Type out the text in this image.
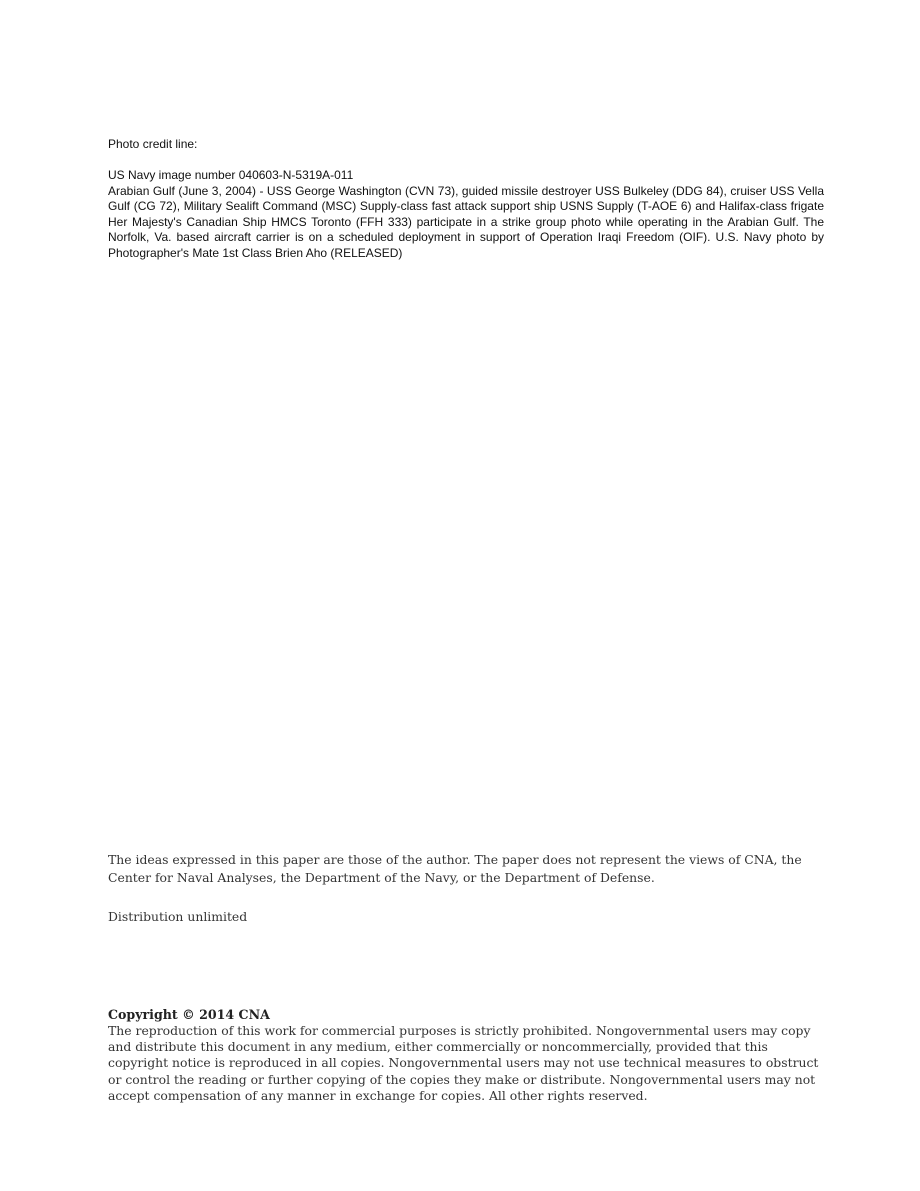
Photo credit line:

US Navy image number 040603-N-5319A-011

Arabian Gulf (June 3, 2004) - USS George Washington (CVN 73), guided missile destroyer USS Bulkeley (DDG 84), cruiser USS Vella Gulf (CG 72), Military Sealift Command (MSC) Supply-class fast attack support ship USNS Supply (T-AOE 6) and Halifax-class frigate Her Majesty's Canadian Ship HMCS Toronto (FFH 333) participate in a strike group photo while operating in the Arabian Gulf. The Norfolk, Va. based aircraft carrier is on a scheduled deployment in support of Operation Iraqi Freedom (OIF). U.S. Navy photo by Photographer's Mate 1st Class Brien Aho (RELEASED)

The ideas expressed in this paper are those of the author. The paper does not represent the views of CNA, the Center for Naval Analyses, the Department of the Navy, or the Department of Defense.

Distribution unlimited

Copyright © 2014 CNA

The reproduction of this work for commercial purposes is strictly prohibited. Nongovernmental users may copy and distribute this document in any medium, either commercially or noncommercially, provided that this copyright notice is reproduced in all copies. Nongovernmental users may not use technical measures to obstruct or control the reading or further copying of the copies they make or distribute. Nongovernmental users may not accept compensation of any manner in exchange for copies. All other rights reserved.
